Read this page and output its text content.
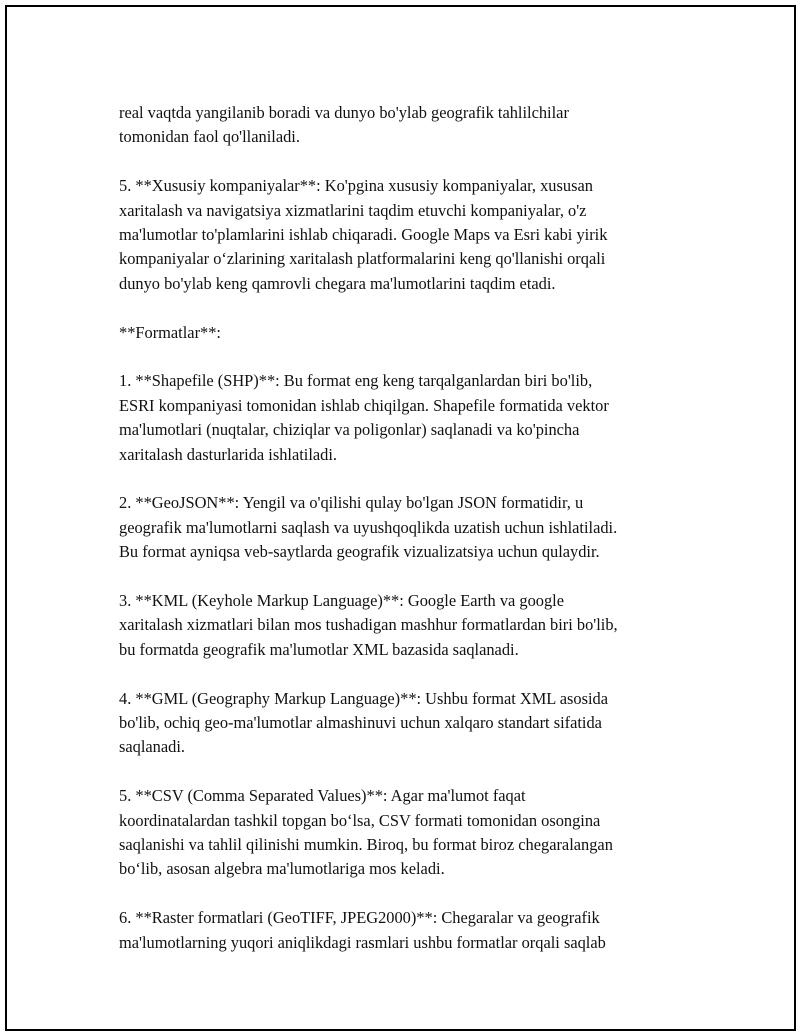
real vaqtda yangilanib boradi va dunyo bo'ylab geografik tahlilchilar
tomonidan faol qo'llaniladi.

5. **Xususiy kompaniyalar**: Ko'pgina xususiy kompaniyalar, xususan
xaritalash va navigatsiya xizmatlarini taqdim etuvchi kompaniyalar, o'z
ma'lumotlar to'plamlarini ishlab chiqaradi. Google Maps va Esri kabi yirik
kompaniyalar o‘zlarining xaritalash platformalarini keng qo'llanishi orqali
dunyo bo'ylab keng qamrovli chegara ma'lumotlarini taqdim etadi.

**Formatlar**:

1. **Shapefile (SHP)**: Bu format eng keng tarqalganlardan biri bo'lib,
ESRI kompaniyasi tomonidan ishlab chiqilgan. Shapefile formatida vektor
ma'lumotlari (nuqtalar, chiziqlar va poligonlar) saqlanadi va ko'pincha
xaritalash dasturlarida ishlatiladi.

2. **GeoJSON**: Yengil va o'qilishi qulay bo'lgan JSON formatidir, u
geografik ma'lumotlarni saqlash va uyushqoqlikda uzatish uchun ishlatiladi.
Bu format ayniqsa veb-saytlarda geografik vizualizatsiya uchun qulaydir.

3. **KML (Keyhole Markup Language)**: Google Earth va google
xaritalash xizmatlari bilan mos tushadigan mashhur formatlardan biri bo'lib,
bu formatda geografik ma'lumotlar XML bazasida saqlanadi.

4. **GML (Geography Markup Language)**: Ushbu format XML asosida
bo'lib, ochiq geo-ma'lumotlar almashinuvi uchun xalqaro standart sifatida
saqlanadi.

5. **CSV (Comma Separated Values)**: Agar ma'lumot faqat
koordinatalardan tashkil topgan bo‘lsa, CSV formati tomonidan osongina
saqlanishi va tahlil qilinishi mumkin. Biroq, bu format biroz chegaralangan
bo‘lib, asosan algebra ma'lumotlariga mos keladi.

6. **Raster formatlari (GeoTIFF, JPEG2000)**: Chegaralar va geografik
ma'lumotlarning yuqori aniqlikdagi rasmlari ushbu formatlar orqali saqlab
